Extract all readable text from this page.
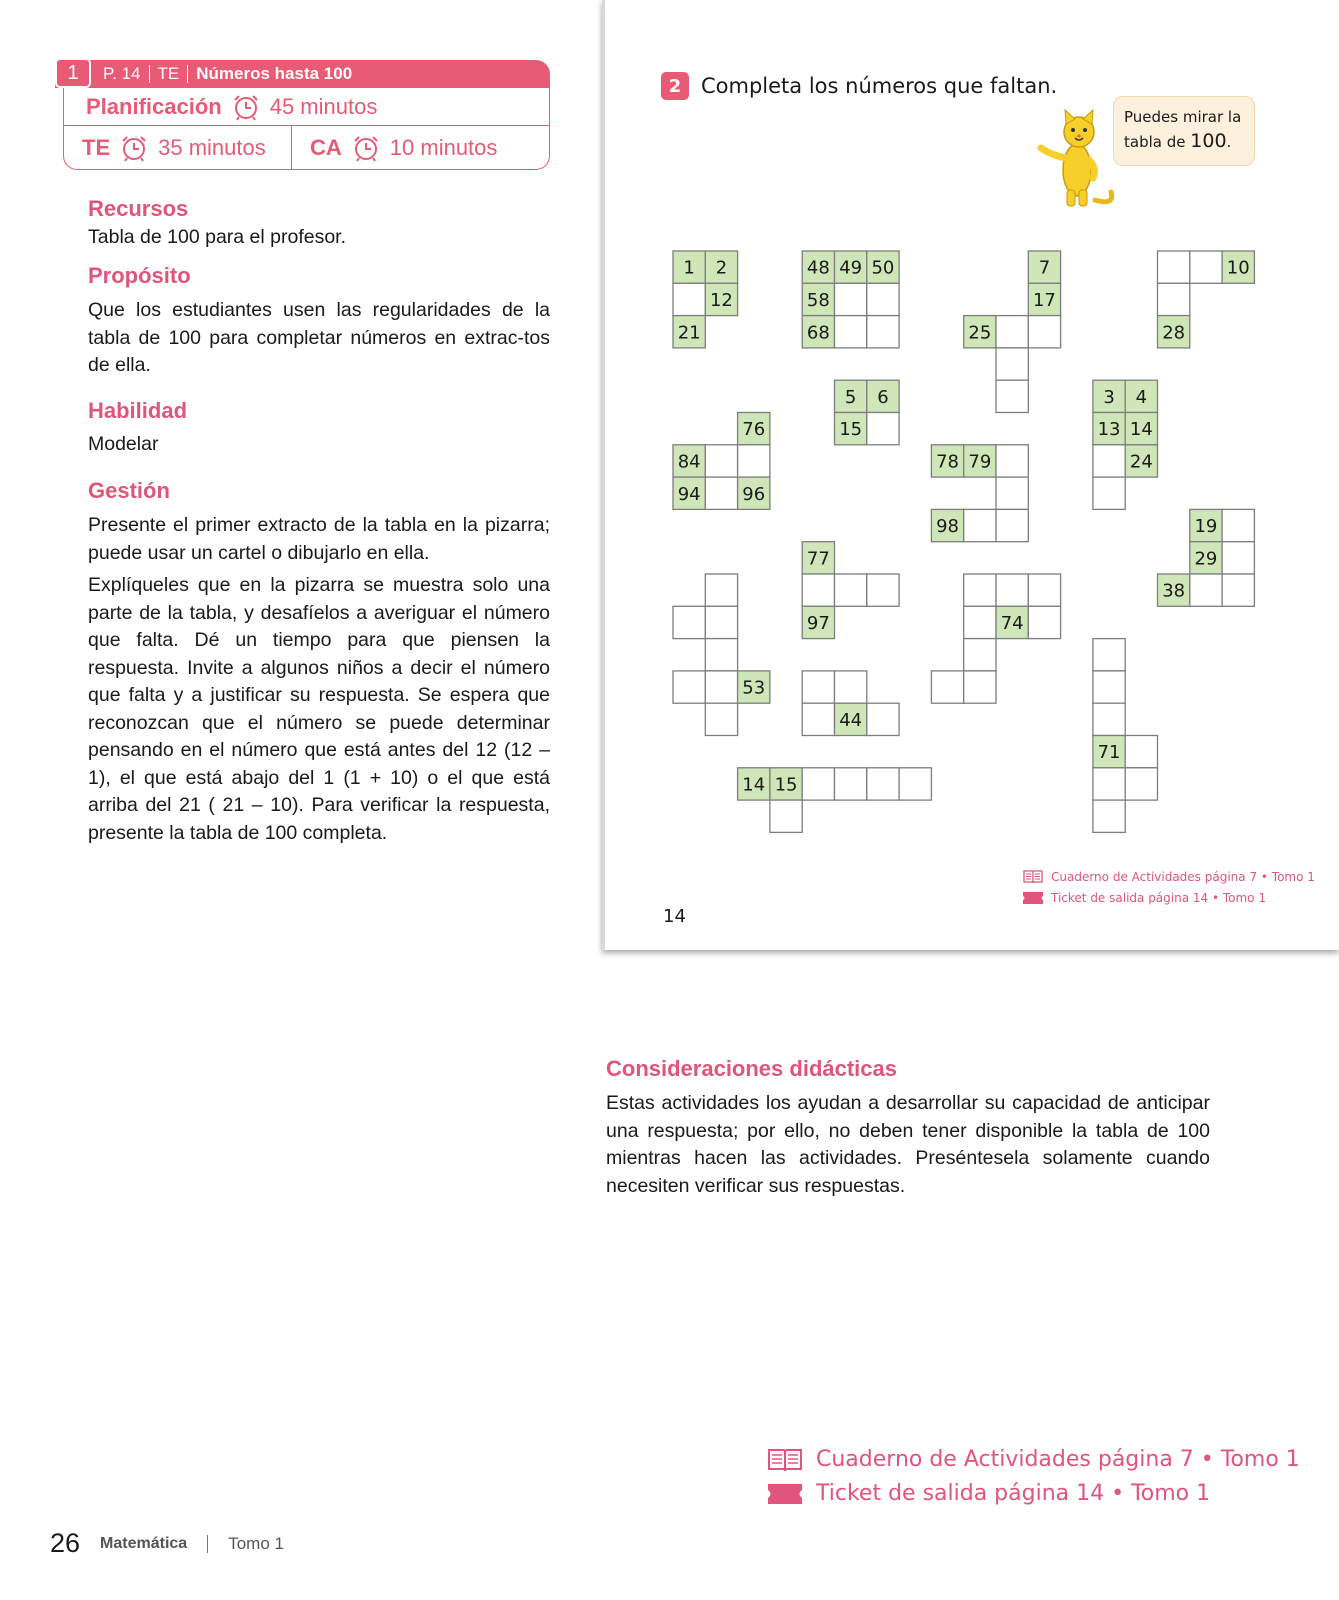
P. 14 TE Números hasta 100
1
Planificación 45 minutos
TE 35 minutos CA 10 minutos
Recursos
Tabla de 100 para el profesor.
Propósito
Que los estudiantes usen las regularidades de la tabla de 100 para completar números en extrac-tos de ella.
Habilidad
Modelar
Gestión
Presente el primer extracto de la tabla en la pizarra; puede usar un cartel o dibujarlo en ella.
Explíqueles que en la pizarra se muestra solo una parte de la tabla, y desafíelos a averiguar el número que falta. Dé un tiempo para que piensen la respuesta. Invite a algunos niños a decir el número que falta y a justificar su respuesta. Se espera que reconozcan que el número se puede determinar pensando en el número que está antes del 12 (12 – 1), el que está abajo del 1 (1 + 10) o el que está arriba del 21 ( 21 – 10). Para verificar la respuesta, presente la tabla de 100 completa.
2 Completa los números que faltan.
Puedes mirar la
tabla de 100.
1 2
12
21
48 49 50
58
68
7
17
25
10
28
5 6
15
3 4
13 14
24
76
84
94 96
78 79
98	19
29
38
77
97
53
74
44
71
14 15
Cuaderno de Actividades página 7 • Tomo 1
Ticket de salida página 14 • Tomo 1
14
Consideraciones didácticas
Estas actividades los ayudan a desarrollar su capacidad de anticipar una respuesta; por ello, no deben tener disponible la tabla de 100 mientras hacen las actividades. Preséntesela solamente cuando necesiten verificar sus respuestas.
Cuaderno de Actividades página 7 • Tomo 1
Ticket de salida página 14 • Tomo 1
26 Matemática Tomo 1
